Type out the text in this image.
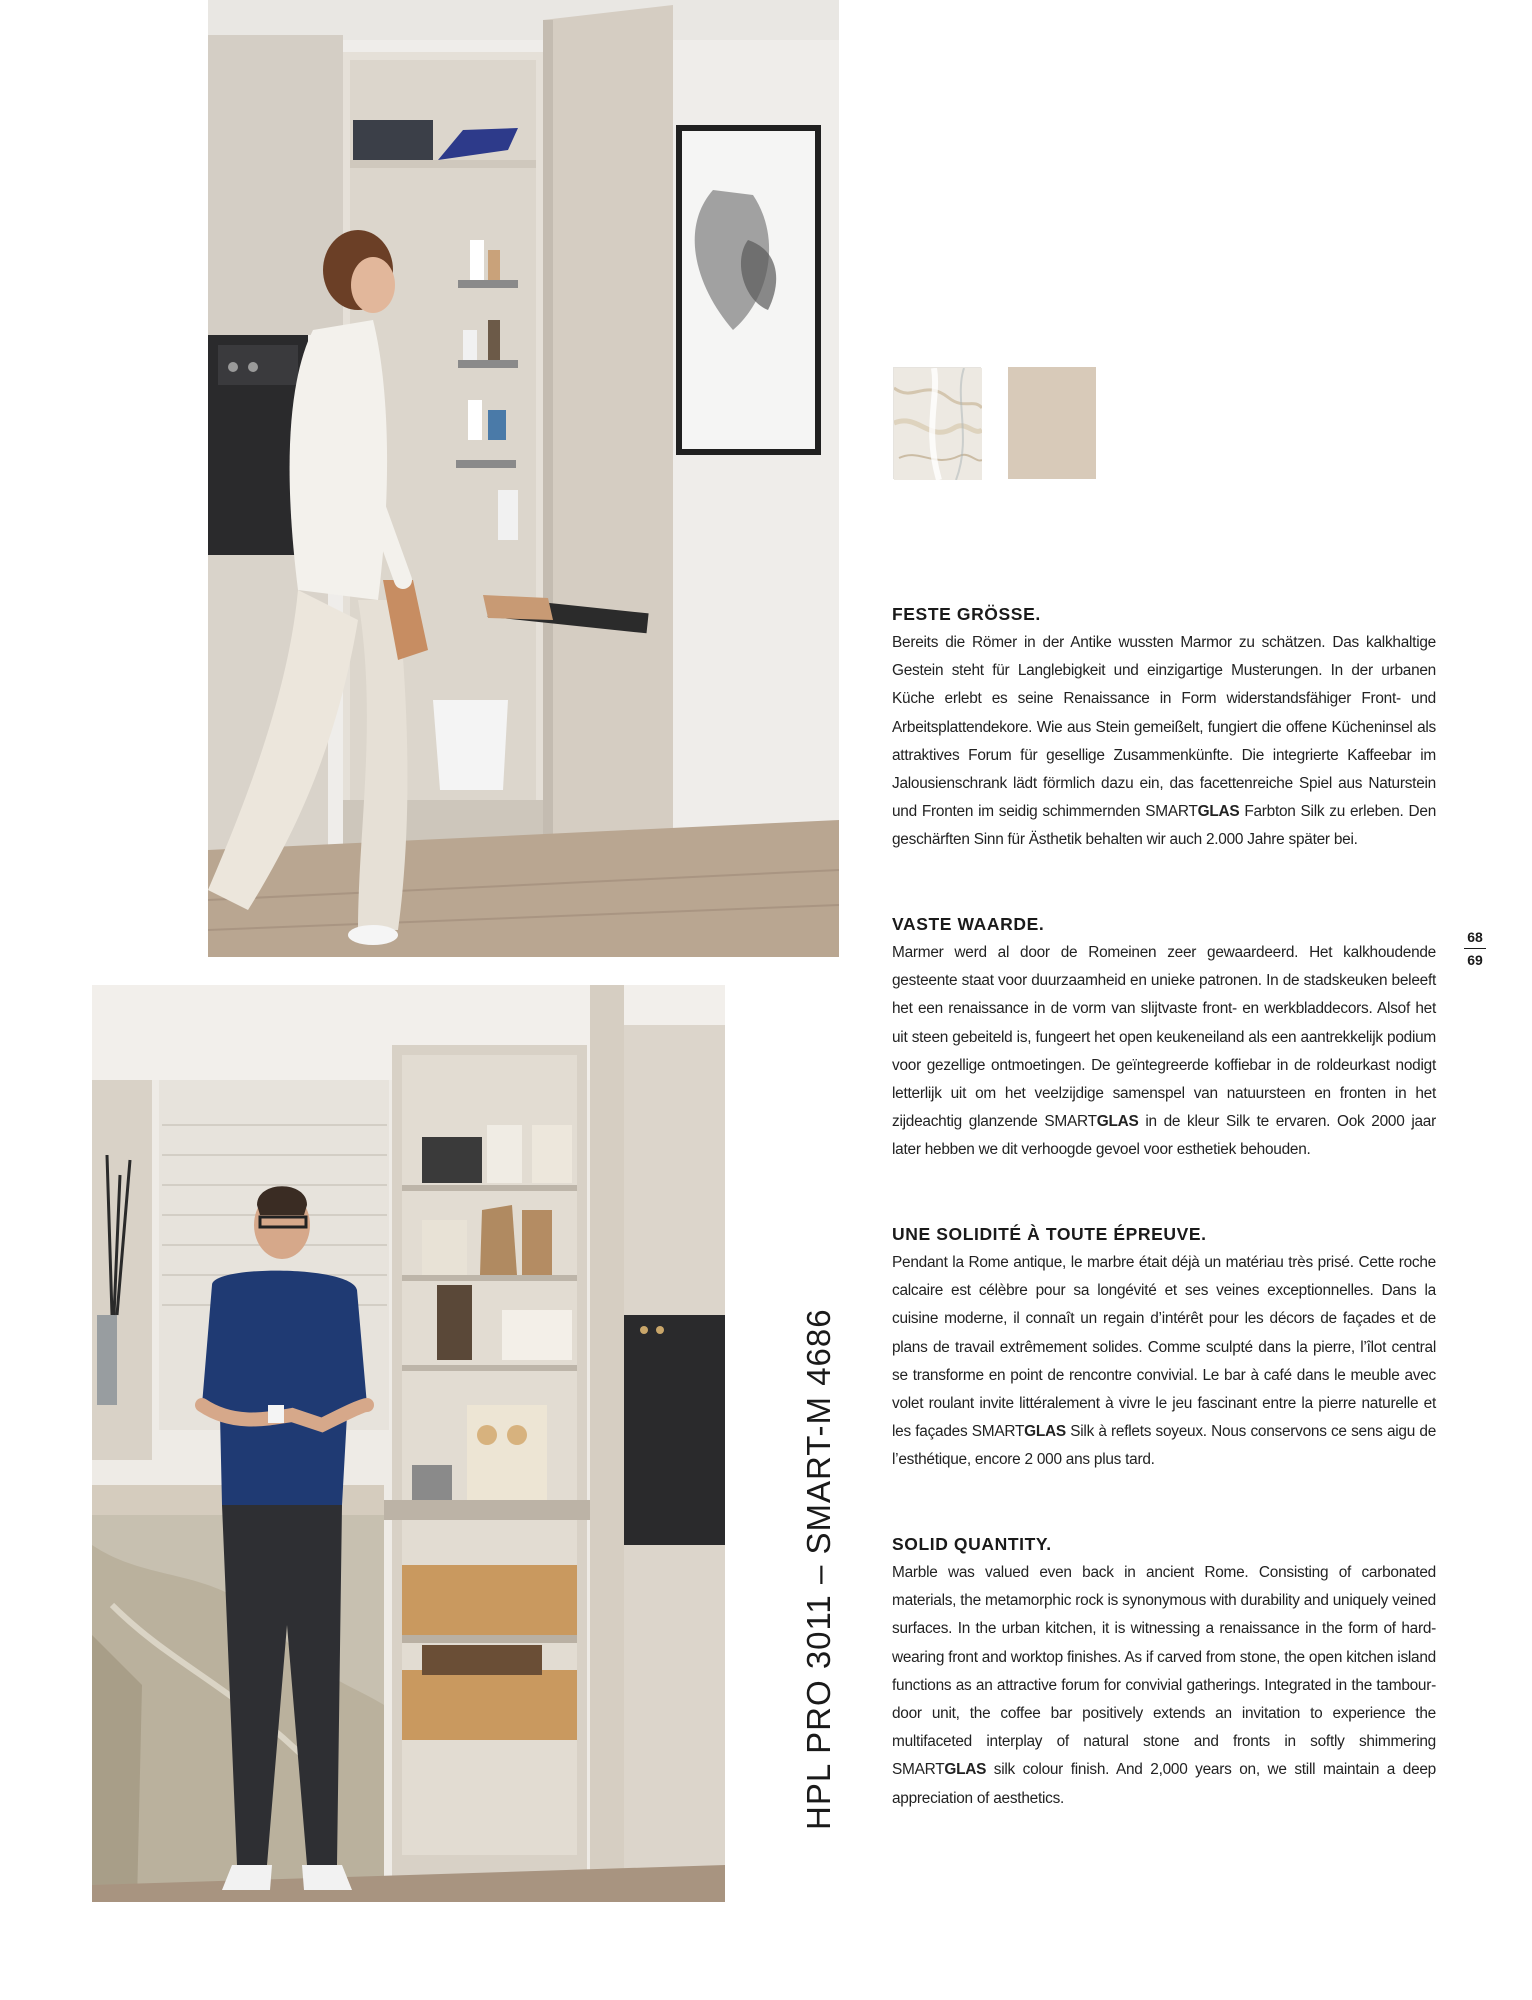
HPL PRO 3011 – SMART-M 4686
68
69
FESTE GRÖSSE.

Bereits die Römer in der Antike wussten Marmor zu schätzen. Das kalkhaltige Gestein steht für Langlebigkeit und einzigartige Musterungen. In der urbanen Küche erlebt es seine Renaissance in Form widerstandsfähiger Front- und Arbeitsplattendekore. Wie aus Stein gemeißelt, fungiert die offene Kücheninsel als attraktives Forum für gesellige Zusammenkünfte. Die integrierte Kaffeebar im Jalousienschrank lädt förmlich dazu ein, das facettenreiche Spiel aus Naturstein und Fronten im seidig schimmernden SMARTGLAS Farbton Silk zu erleben. Den geschärften Sinn für Ästhetik behalten wir auch 2.000 Jahre später bei.

VASTE WAARDE.

Marmer werd al door de Romeinen zeer gewaardeerd. Het kalkhoudende gesteente staat voor duurzaamheid en unieke patronen. In de stadskeuken beleeft het een renaissance in de vorm van slijtvaste front- en werkbladdecors. Alsof het uit steen gebeiteld is, fungeert het open keukeneiland als een aantrekkelijk podium voor gezellige ontmoetingen. De geïntegreerde koffiebar in de roldeurkast nodigt letterlijk uit om het veelzijdige samenspel van natuursteen en fronten in het zijdeachtig glanzende SMARTGLAS in de kleur Silk te ervaren. Ook 2000 jaar later hebben we dit verhoogde gevoel voor esthetiek behouden.

UNE SOLIDITÉ À TOUTE ÉPREUVE.

Pendant la Rome antique, le marbre était déjà un matériau très prisé. Cette roche calcaire est célèbre pour sa longévité et ses veines exceptionnelles. Dans la cuisine moderne, il connaît un regain d’intérêt pour les décors de façades et de plans de travail extrêmement solides. Comme sculpté dans la pierre, l’îlot central se transforme en point de rencontre convivial. Le bar à café dans le meuble avec volet roulant invite littéralement à vivre le jeu fascinant entre la pierre naturelle et les façades SMARTGLAS Silk à reflets soyeux. Nous conservons ce sens aigu de l’esthétique, encore 2 000 ans plus tard.

SOLID QUANTITY.

Marble was valued even back in ancient Rome. Consisting of carbonated materials, the metamorphic rock is synonymous with durability and uniquely veined surfaces. In the urban kitchen, it is witnessing a renaissance in the form of hard-wearing front and worktop finishes. As if carved from stone, the open kitchen island functions as an attractive forum for convivial gatherings. Integrated in the tambour-door unit, the coffee bar positively extends an invitation to experience the multifaceted interplay of natural stone and fronts in softly shimmering SMARTGLAS silk colour finish. And 2,000 years on, we still maintain a deep appreciation of aesthetics.
